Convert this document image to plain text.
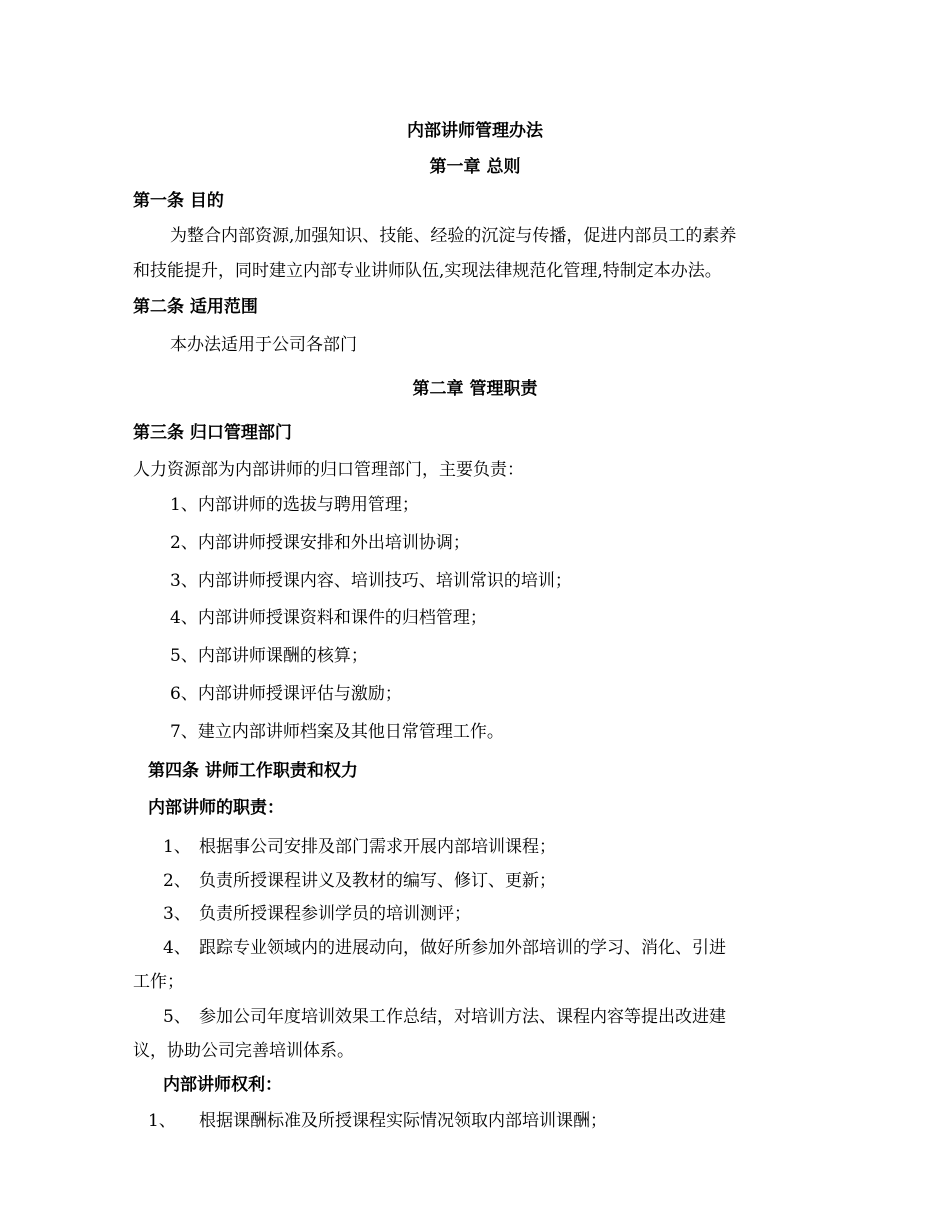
内部讲师管理办法
第一章 总则
第一条 目的
为整合内部资源,加强知识、技能、经验的沉淀与传播，促进内部员工的素养
和技能提升，同时建立内部专业讲师队伍,实现法律规范化管理,特制定本办法。
第二条 适用范围
本办法适用于公司各部门
第二章 管理职责
第三条 归口管理部门
人力资源部为内部讲师的归口管理部门，主要负责：
1、内部讲师的选拔与聘用管理；
2、内部讲师授课安排和外出培训协调；
3、内部讲师授课内容、培训技巧、培训常识的培训；
4、内部讲师授课资料和课件的归档管理；
5、内部讲师课酬的核算；
6、内部讲师授课评估与激励；
7、建立内部讲师档案及其他日常管理工作。
第四条 讲师工作职责和权力
内部讲师的职责：
1、 根据事公司安排及部门需求开展内部培训课程；
2、 负责所授课程讲义及教材的编写、修订、更新；
3、 负责所授课程参训学员的培训测评；
4、 跟踪专业领域内的进展动向，做好所参加外部培训的学习、消化、引进
工作；
5、 参加公司年度培训效果工作总结，对培训方法、课程内容等提出改进建
议，协助公司完善培训体系。
内部讲师权利：
1、 根据课酬标准及所授课程实际情况领取内部培训课酬；
